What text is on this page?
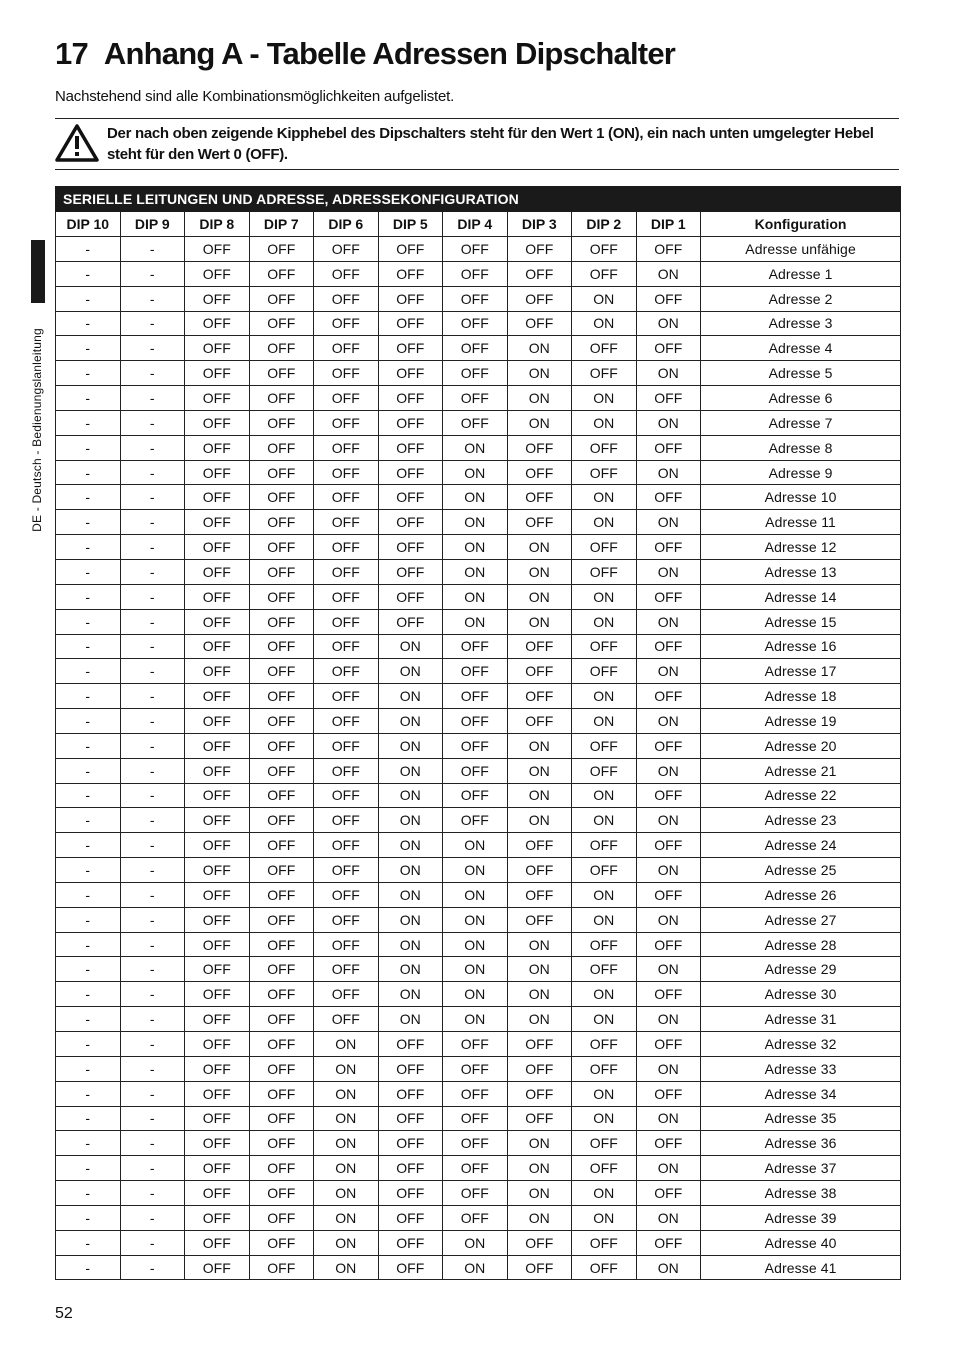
17 Anhang A - Tabelle Adressen Dipschalter
Nachstehend sind alle Kombinationsmöglichkeiten aufgelistet.
Der nach oben zeigende Kipphebel des Dipschalters steht für den Wert 1 (ON), ein nach unten umgelegter Hebel steht für den Wert 0 (OFF).
DE - Deutsch - Bedienungslanleitung
SERIELLE LEITUNGEN UND ADRESSE, ADRESSEKONFIGURATION										
DIP 10	DIP 9	DIP 8	DIP 7	DIP 6	DIP 5	DIP 4	DIP 3	DIP 2	DIP 1	Konfiguration
-	-	OFF	OFF	OFF	OFF	OFF	OFF	OFF	OFF	Adresse unfähige
-	-	OFF	OFF	OFF	OFF	OFF	OFF	OFF	ON	Adresse 1
-	-	OFF	OFF	OFF	OFF	OFF	OFF	ON	OFF	Adresse 2
-	-	OFF	OFF	OFF	OFF	OFF	OFF	ON	ON	Adresse 3
-	-	OFF	OFF	OFF	OFF	OFF	ON	OFF	OFF	Adresse 4
-	-	OFF	OFF	OFF	OFF	OFF	ON	OFF	ON	Adresse 5
-	-	OFF	OFF	OFF	OFF	OFF	ON	ON	OFF	Adresse 6
-	-	OFF	OFF	OFF	OFF	OFF	ON	ON	ON	Adresse 7
-	-	OFF	OFF	OFF	OFF	ON	OFF	OFF	OFF	Adresse 8
-	-	OFF	OFF	OFF	OFF	ON	OFF	OFF	ON	Adresse 9
-	-	OFF	OFF	OFF	OFF	ON	OFF	ON	OFF	Adresse 10
-	-	OFF	OFF	OFF	OFF	ON	OFF	ON	ON	Adresse 11
-	-	OFF	OFF	OFF	OFF	ON	ON	OFF	OFF	Adresse 12
-	-	OFF	OFF	OFF	OFF	ON	ON	OFF	ON	Adresse 13
-	-	OFF	OFF	OFF	OFF	ON	ON	ON	OFF	Adresse 14
-	-	OFF	OFF	OFF	OFF	ON	ON	ON	ON	Adresse 15
-	-	OFF	OFF	OFF	ON	OFF	OFF	OFF	OFF	Adresse 16
-	-	OFF	OFF	OFF	ON	OFF	OFF	OFF	ON	Adresse 17
-	-	OFF	OFF	OFF	ON	OFF	OFF	ON	OFF	Adresse 18
-	-	OFF	OFF	OFF	ON	OFF	OFF	ON	ON	Adresse 19
-	-	OFF	OFF	OFF	ON	OFF	ON	OFF	OFF	Adresse 20
-	-	OFF	OFF	OFF	ON	OFF	ON	OFF	ON	Adresse 21
-	-	OFF	OFF	OFF	ON	OFF	ON	ON	OFF	Adresse 22
-	-	OFF	OFF	OFF	ON	OFF	ON	ON	ON	Adresse 23
-	-	OFF	OFF	OFF	ON	ON	OFF	OFF	OFF	Adresse 24
-	-	OFF	OFF	OFF	ON	ON	OFF	OFF	ON	Adresse 25
-	-	OFF	OFF	OFF	ON	ON	OFF	ON	OFF	Adresse 26
-	-	OFF	OFF	OFF	ON	ON	OFF	ON	ON	Adresse 27
-	-	OFF	OFF	OFF	ON	ON	ON	OFF	OFF	Adresse 28
-	-	OFF	OFF	OFF	ON	ON	ON	OFF	ON	Adresse 29
-	-	OFF	OFF	OFF	ON	ON	ON	ON	OFF	Adresse 30
-	-	OFF	OFF	OFF	ON	ON	ON	ON	ON	Adresse 31
-	-	OFF	OFF	ON	OFF	OFF	OFF	OFF	OFF	Adresse 32
-	-	OFF	OFF	ON	OFF	OFF	OFF	OFF	ON	Adresse 33
-	-	OFF	OFF	ON	OFF	OFF	OFF	ON	OFF	Adresse 34
-	-	OFF	OFF	ON	OFF	OFF	OFF	ON	ON	Adresse 35
-	-	OFF	OFF	ON	OFF	OFF	ON	OFF	OFF	Adresse 36
-	-	OFF	OFF	ON	OFF	OFF	ON	OFF	ON	Adresse 37
-	-	OFF	OFF	ON	OFF	OFF	ON	ON	OFF	Adresse 38
-	-	OFF	OFF	ON	OFF	OFF	ON	ON	ON	Adresse 39
-	-	OFF	OFF	ON	OFF	ON	OFF	OFF	OFF	Adresse 40
-	-	OFF	OFF	ON	OFF	ON	OFF	OFF	ON	Adresse 41
52
